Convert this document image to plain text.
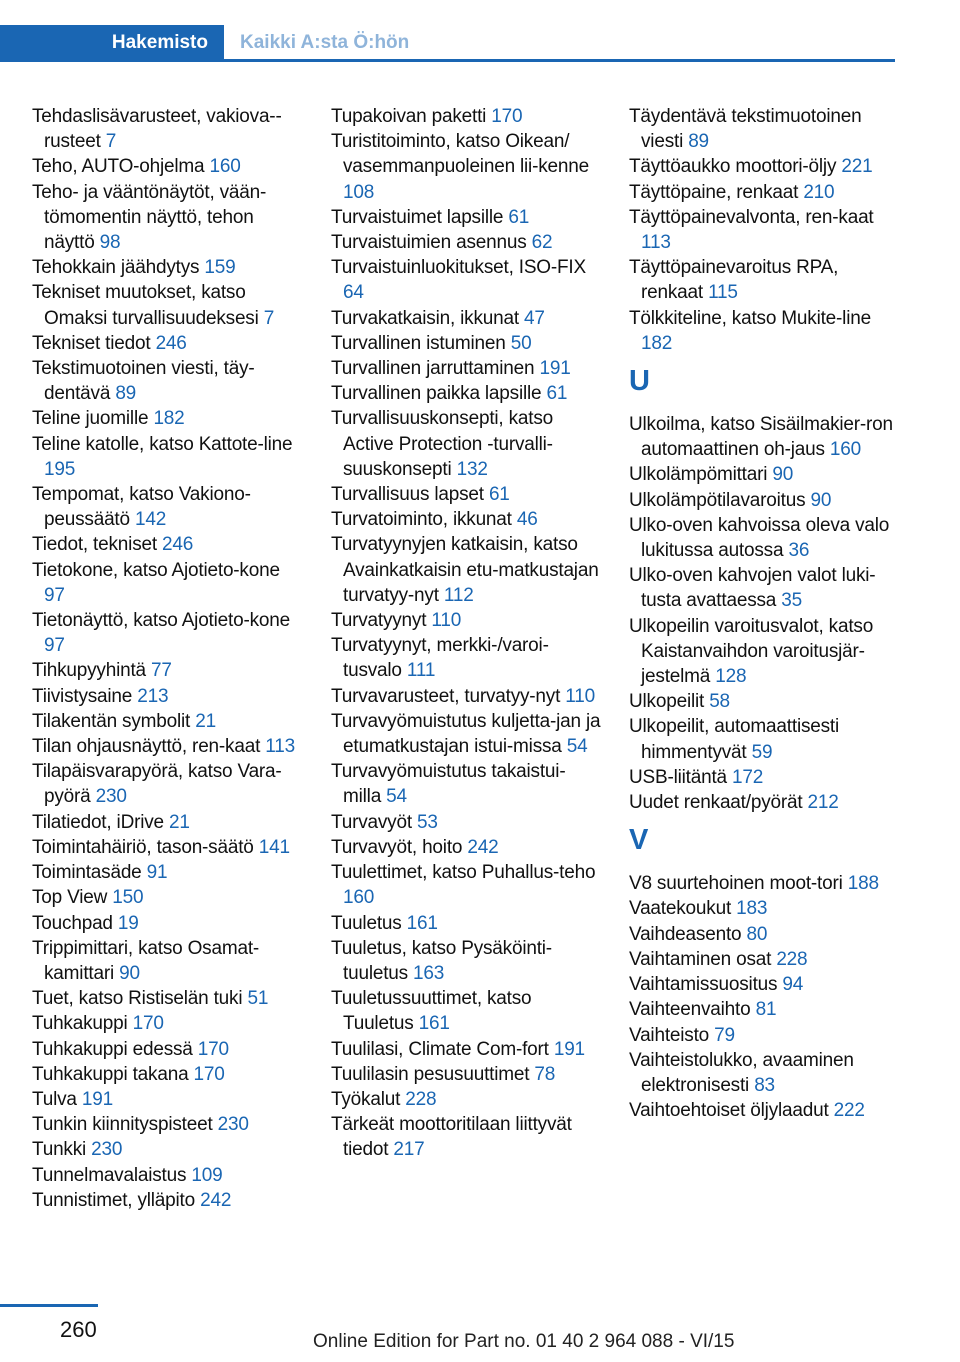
Hakemisto	Kaikki A:sta Ö:hön
Tehdaslisävarusteet, vakiova-rusteet 7
Teho, AUTO-ohjelma 160
Teho- ja vääntönäytöt, vään-tömomentin näyttö, tehon näyttö 98
Tehokkain jäähdytys 159
Tekniset muutokset, katso Omaksi turvallisuudeksesi 7
Tekniset tiedot 246
Tekstimuotoinen viesti, täy-dentävä 89
Teline juomille 182
Teline katolle, katso Kattote-line 195
Tempomat, katso Vakiono-peussäätö 142
Tiedot, tekniset 246
Tietokone, katso Ajotieto-kone 97
Tietonäyttö, katso Ajotieto-kone 97
Tihkupyyhintä 77
Tiivistysaine 213
Tilakentän symbolit 21
Tilan ohjausnäyttö, ren-kaat 113
Tilapäisvarapyörä, katso Vara-pyörä 230
Tilatiedot, iDrive 21
Toimintahäiriö, tason-säätö 141
Toimintasäde 91
Top View 150
Touchpad 19
Trippimittari, katso Osamat-kamittari 90
Tuet, katso Ristiselän tuki 51
Tuhkakuppi 170
Tuhkakuppi edessä 170
Tuhkakuppi takana 170
Tulva 191
Tunkin kiinnityspisteet 230
Tunkki 230
Tunnelmavalaistus 109
Tunnistimet, ylläpito 242
Tupakoivan paketti 170
Turistitoiminto, katso Oikean/ vasemmanpuoleinen lii-kenne 108
Turvaistuimet lapsille 61
Turvaistuimien asennus 62
Turvaistuinluokitukset, ISO-FIX 64
Turvakatkaisin, ikkunat 47
Turvallinen istuminen 50
Turvallinen jarruttaminen 191
Turvallinen paikka lapsille 61
Turvallisuuskonsepti, katso Active Protection -turvalli-suuskonsepti 132
Turvallisuus lapset 61
Turvatoiminto, ikkunat 46
Turvatyynyjen katkaisin, katso Avainkatkaisin etu-matkustajan turvatyy-nyt 112
Turvatyynyt 110
Turvatyynyt, merkki-/varoi-tusvalo 111
Turvavarusteet, turvatyy-nyt 110
Turvavyömuistutus kuljetta-jan ja etumatkustajan istui-missa 54
Turvavyömuistutus takaistui-milla 54
Turvavyöt 53
Turvavyöt, hoito 242
Tuulettimet, katso Puhallus-teho 160
Tuuletus 161
Tuuletus, katso Pysäköinti-tuuletus 163
Tuuletussuuttimet, katso Tuuletus 161
Tuulilasi, Climate Com-fort 191
Tuulilasin pesusuuttimet 78
Työkalut 228
Tärkeät moottoritilaan liittyvät tiedot 217
Täydentävä tekstimuotoinen viesti 89
Täyttöaukko moottori-öljy 221
Täyttöpaine, renkaat 210
Täyttöpainevalvonta, ren-kaat 113
Täyttöpainevaroitus RPA, renkaat 115
Tölkkiteline, katso Mukite-line 182
U
Ulkoilma, katso Sisäilmakier-ron automaattinen oh-jaus 160
Ulkolämpömittari 90
Ulkolämpötilavaroitus 90
Ulko-oven kahvoissa oleva valo lukitussa autossa 36
Ulko-oven kahvojen valot luki-tusta avattaessa 35
Ulkopeilin varoitusvalot, katso Kaistanvaihdon varoitusjär-jestelmä 128
Ulkopeilit 58
Ulkopeilit, automaattisesti himmentyvät 59
USB-liitäntä 172
Uudet renkaat/pyörät 212
V
V8 suurtehoinen moot-tori 188
Vaatekoukut 183
Vaihdeasento 80
Vaihtaminen osat 228
Vaihtamissuositus 94
Vaihteenvaihto 81
Vaihteisto 79
Vaihteistolukko, avaaminen elektronisesti 83
Vaihtoehtoiset öljylaadut 222
260	Online Edition for Part no. 01 40 2 964 088 - VI/15
